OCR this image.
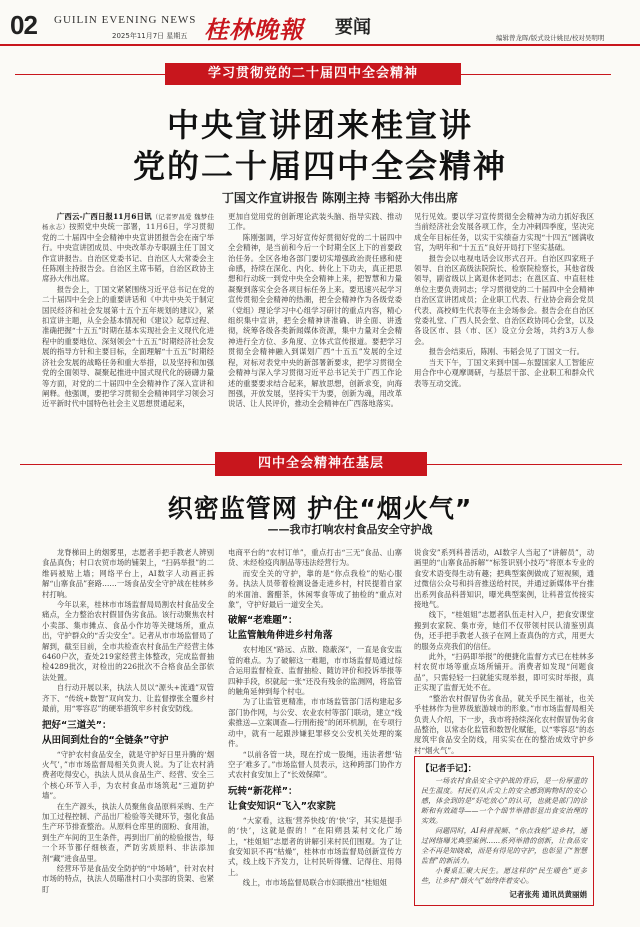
02 GUILIN EVENING NEWS
2025年11月7日 星期五 桂林晚報 要闻	编辑曾龙晖/版式设计姚昆/校对吴明明
学习贯彻党的二十届四中全会精神
中央宣讲团来桂宣讲
党的二十届四中全会精神
丁国文作宣讲报告 陈刚主持 韦韬孙大伟出席

广西云-广西日报11月6日讯（记者罗昌爱 魏梦佳 杨永志）按照党中央统一部署，11月6日，学习贯彻党的二十届四中全会精神中央宣讲团报告会在南宁举行。中央宣讲团成员、中央改革办专职副主任丁国文作宣讲报告。自治区党委书记、自治区人大常委会主任陈刚主持报告会。自治区主席韦韬，自治区政协主席孙大伟出席。

报告会上，丁国文紧紧围绕习近平总书记在党的二十届四中全会上的重要讲话和《中共中央关于制定国民经济和社会发展第十五个五年规划的建议》，紧扣宣讲主题，从全会基本情况和《建议》起草过程、准确把握“十五五”时期在基本实现社会主义现代化进程中的重要地位、深刻领会“十五五”时期经济社会发展的指导方针和主要目标，全面理解“十五五”时期经济社会发展的战略任务和重大举措，以及坚持和加强党的全面领导、凝聚起推进中国式现代化的磅礴力量等方面，对党的二十届四中全会精神作了深入宣讲和阐释。他强调，要把学习贯彻全会精神同学习领会习近平新时代中国特色社会主义思想贯通起来，

更加自觉用党的创新理论武装头脑、指导实践、推动工作。

陈刚强调，学习好宣传好贯彻好党的二十届四中全会精神，是当前和今后一个时期全区上下的首要政治任务。全区各地各部门要切实增强政治责任感和使命感，持续在深化、内化、转化上下功夫，真正把思想和行动统一到党中央全会精神上来，把智慧和力量凝聚到落实全会各项目标任务上来。要迅速兴起学习宣传贯彻全会精神的热潮，把全会精神作为各级党委（党组）理论学习中心组学习研讨的重点内容，精心组织集中宣讲，把全会精神讲准确、讲全面、讲透彻，统筹各级各类新闻媒体资源，集中力量对全会精神进行全方位、多角度、立体式宣传报道。要把学习贯彻全会精神融入到谋划广西“十五五”发展的全过程，对标对表党中央的新部署新要求，把学习贯彻全会精神与深入学习贯彻习近平总书记关于广西工作论述的重要要求结合起来，解放思想，创新求变，向海图强，开放发展，坚持实干为要，创新为魂，用改革说话、让人民评价，推动全会精神在广西落地落实。

见行见效。要以学习宣传贯彻全会精神为动力抓好我区当前经济社会发展各项工作，全力冲刺四季度，坚决完成全年目标任务，以实干实绩奋力实现“十四五”圆满收官，为明年和“十五五”良好开局打下坚实基础。

报告会以电视电话会议形式召开。自治区四家班子领导、自治区高级法院院长、检察院检察长，其他省级领导，副省级以上离退休老同志；在邕区直、中直驻桂单位主要负责同志；学习贯彻党的二十届四中全会精神自治区宣讲团成员；企业职工代表、行业协会商会党员代表、高校师生代表等在主会场参会。报告会在自治区党委礼堂、广西人民会堂、自治区政协同心会堂，以及各设区市、县（市、区）设立分会场，共约3万人参会。

报告会结束后，陈刚、韦韬会见了丁国文一行。

当天下午，丁国文来到中国—东盟国家人工智能应用合作中心观摩调研，与基层干部、企业职工和群众代表等互动交流。

四中全会精神在基层
织密监管网 护住“烟火气”
——我市打响农村食品安全守护战

龙脊梯田上的烟雾里，志愿者手把手教老人辨别食品真伪；村口农贸市场的铺架上，“扫码举报”的二维码被贴上墙；网络平台上，AI数字人动画正拆解“山寨食品”套路……一场食品安全守护战在桂林乡村打响。

今年以来，桂林市市场监督局局割农村食品安全痛点，全力整治农村假冒伪劣食品。该行动聚焦农村小卖部、集市摊点、食品小作坊等关键场所，重点出，守护群众的“舌尖安全”。记者从市市场监督局了解到，截至目前，全市共检查农村食品生产经营主体6460户次，查处219家经营主体整改，完成监督抽检4289批次，对检出的226批次不合格食品全部依法处置。

自行动开展以来，执法人员以“源头+流通”双管齐下、“传统+数智”双向发力、让监督撑张全覆乡村最前，用“零容忍”的硬举措筑牢乡村食安防线。

把好“三道关”：
从田间到灶台的“全链条”守护

“守护农村食品安全，就是守护好日里升腾的‘烟火气’，”市市场监督局相关负责人说。为了让农村消费者吃得安心，执法人员从食品生产、经营、安全三个核心环节入手，为农村食品市场筑起“三道防护墙”。

在生产源头，执法人员聚焦食品原料采购、生产加工过程控制、产品出厂检验等关键环节，强化食品生产环节排查整治。从原料仓库里的面粉、食用油，到生产车间的卫生条件，再到出厂前的检验报告，每一个环节都仔细核查，严防劣质原料、非法添加剂“藏”进食品里。

经营环节是食品安全防护的“中场哨”，针对农村市场的特点，执法人员瞄准村口小卖部的货架、也紧盯

电商平台的“农村订单”，重点打击“三无”食品、山寨货、未经检疫肉制品等违法经营行为。

而安全关的守护，靠的是“你点我检”的贴心服务。执法人员带着检测设备走进乡村，村民提着自家的米面油、酱醋茶，休闲零食等成了抽检的“重点对象”，守护好最后一道安全关。

破解“老难题”：
让监管触角伸进乡村角落

农村地区“路远、点散、隐蔽深”，一直是食安监管的难点。为了破解这一难题，市市场监督局通过综合运用监督检查、监督抽检、随访评价和投诉举报等四种手段，织就起一张“还没有残余的监测网，将监管的触角延伸到每个村屯。

为了让监管更精准，市市场监管部门活构建起多部门协作网，与公安、农业农村等部门联动，建立“线索推送—立案调查—行刑衔接”的闭环机制，在专项行动中，就有一起跟涉嫌犯罪移交公安机关处理的案件。

“以前各管一块，现在拧成一股绳，违法者想‘钻空子’难多了。”市场监督人员表示，这种跨部门协作方式农村食安加上了“长效保障”。

玩转“新花样”：
让食安知识“飞入”农家院

“大家看，这瓶‘营养快线’的‘快’字，其实是提手的‘快’，这就是假的！”在阳朔县某村文化广场上，“桂姐姐”志愿者的讲解引来村民们围观。为了让食安知识不再“枯燥”，桂林市市场监督局创新宣传方式，线上线下齐发力，让村民听得懂、记得住、用得上。

线上，市市场监督局联合市妇联推出“桂姐姐

说食安”系列科普活动，AI数字人当起了“讲解员”，动画里的“山寨食品拆解”“标签识别小技巧”将原本专业的食安术语变得生动有趣；把典型案例做成了短视频，通过微信公众号和抖音推送给村民，并通过新媒体平台推出系列食品科普知识，曝光典型案例，让科普宣传接实接地气。

线下，“桂姐姐”志愿者队伍走村入户，把食安课堂搬到农家院、集市旁，她们不仅带领村民认清鉴别真伪，还手把手教老人孩子在网上查真伪的方式，用更大的服务点亮我们的信任。

此外，“扫码即举报”的便捷化监督方式已在桂林多村农贸市场等重点场所铺开。消费者如发现“问题食品”，只需轻轻一扫就能实现举报，即可实时举报，真正实现了监督无处不在。

“整治农村假冒伪劣食品，就关乎民生福祉，也关乎桂林作为世界级旅游城市的形象。”市市场监督局相关负责人介绍，下一步，我市将持续深化农村假冒伪劣食品整治，以常态化监管和数智化赋能，以“零容忍”的态度筑牢食品安全防线，用实实在在的整治成效守护乡村“烟火气”。

【记者手记】：

一场农村食品安全守护战的背后，是一份厚重的民生温度。村民们从舌尖上的安全感到购物时的安心感，体会到的是“好吃放心”的认可，也就是部门的诊断和有效疏导——一个个细节举措彰显出食安治理的实效。

问题同时，AI科普视频、“你点我检”进乡村，通过网络曝光典型案例……系列举措的创新，让食品安全不再是知晓难，而是有得见的守护，也彰显了“智慧监督”的新活力。

小餐桌汇聚大民生。愿这样的“民生暖色”更多些，让乡村“烟火气”始终伴着安心。

记者张苑 通讯员黄丽娟
